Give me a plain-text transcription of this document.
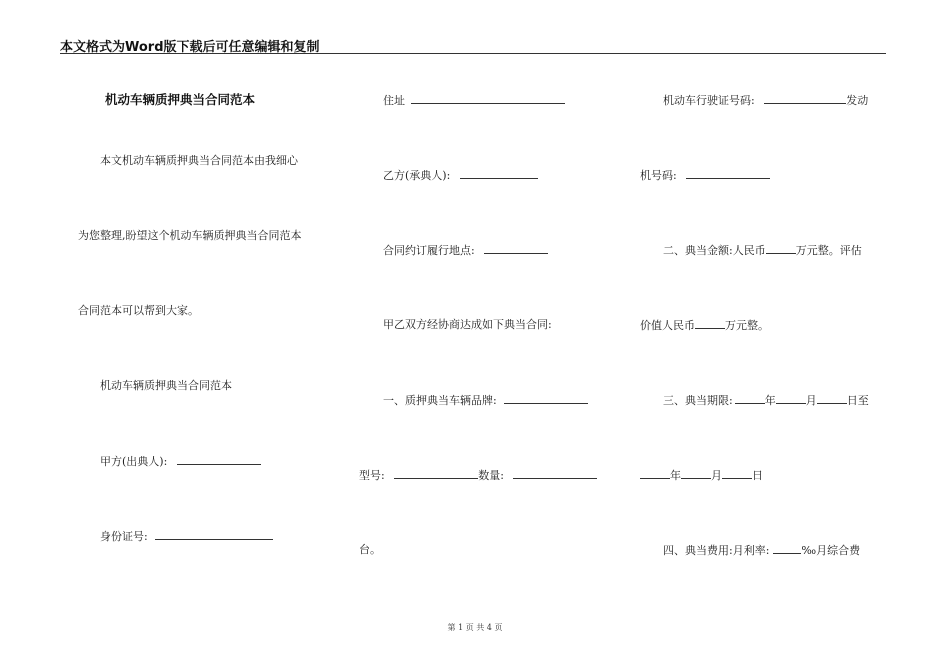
本文格式为Word版下载后可任意编辑和复制
机动车辆质押典当合同范本
本文机动车辆质押典当合同范本由我细心
为您整理,盼望这个机动车辆质押典当合同范本
合同范本可以帮到大家。
机动车辆质押典当合同范本
甲方(出典人):
身份证号:
住址
乙方(承典人):
合同约订履行地点:
甲乙双方经协商达成如下典当合同:
一、质押典当车辆品牌:
型号:	数量:
台。
机动车行驶证号码:	发动
机号码:
二、典当金额:人民币	万元整。评估
价值人民币	万元整。
三、典当期限:	年	月	日至
年	月	日
四、典当费用:月利率:	‰月综合费
第 1 页 共 4 页
